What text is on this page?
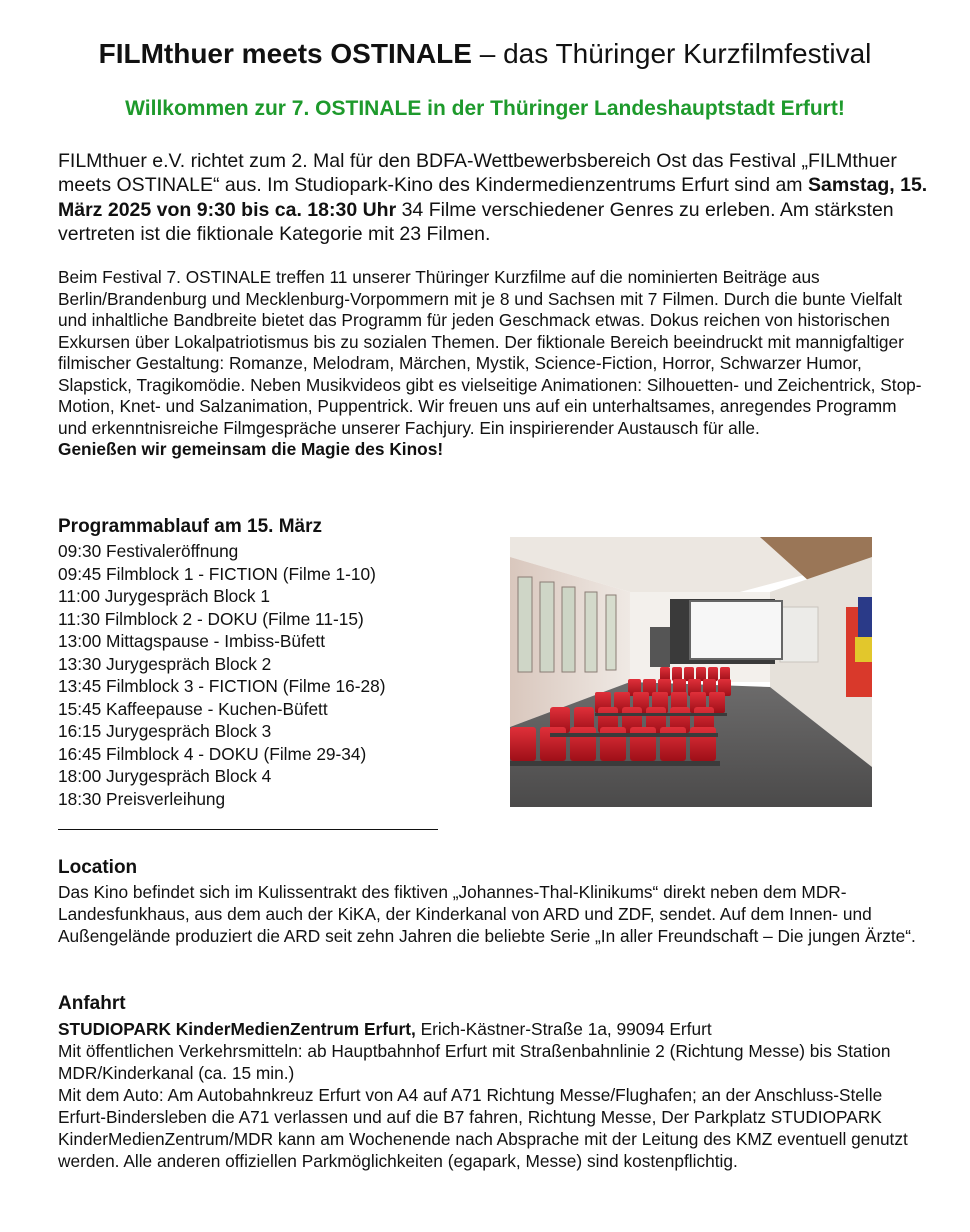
FILMthuer meets OSTINALE – das Thüringer Kurzfilmfestival
Willkommen zur 7. OSTINALE in der Thüringer Landeshauptstadt Erfurt!
FILMthuer e.V. richtet zum 2. Mal für den BDFA-Wettbewerbsbereich Ost das Festival „FILMthuer meets OSTINALE“ aus. Im Studiopark-Kino des Kindermedienzentrums Erfurt sind am Samstag, 15. März 2025 von 9:30 bis ca. 18:30 Uhr 34 Filme verschiedener Genres zu erleben. Am stärksten vertreten ist die fiktionale Kategorie mit 23 Filmen.
Beim Festival 7. OSTINALE treffen 11 unserer Thüringer Kurzfilme auf die nominierten Beiträge aus Berlin/Brandenburg und Mecklenburg-Vorpommern mit je 8 und Sachsen mit 7 Filmen. Durch die bunte Vielfalt und inhaltliche Bandbreite bietet das Programm für jeden Geschmack etwas. Dokus reichen von historischen Exkursen über Lokalpatriotismus bis zu sozialen Themen. Der fiktionale Bereich beeindruckt mit mannigfaltiger filmischer Gestaltung: Romanze, Melodram, Märchen, Mystik, Science-Fiction, Horror, Schwarzer Humor, Slapstick, Tragikomödie. Neben Musikvideos gibt es vielseitige Animationen: Silhouetten- und Zeichentrick, Stop-Motion, Knet- und Salzanimation, Puppentrick. Wir freuen uns auf ein unterhaltsames, anregendes Programm und erkenntnisreiche Filmgespräche unserer Fachjury. Ein inspirierender Austausch für alle.
Genießen wir gemeinsam die Magie des Kinos!
Programmablauf am 15. März
09:30 Festivaleröffnung
09:45 Filmblock 1 - FICTION (Filme 1-10)
11:00 Jurygespräch Block 1
11:30 Filmblock 2 - DOKU (Filme 11-15)
13:00 Mittagspause - Imbiss-Büfett
13:30 Jurygespräch Block 2
13:45 Filmblock 3 - FICTION (Filme 16-28)
15:45 Kaffeepause - Kuchen-Büfett
16:15 Jurygespräch Block 3
16:45 Filmblock 4 - DOKU (Filme 29-34)
18:00 Jurygespräch Block 4
18:30 Preisverleihung
Location
Das Kino befindet sich im Kulissentrakt des fiktiven „Johannes-Thal-Klinikums“ direkt neben dem MDR-Landesfunkhaus, aus dem auch der KiKA, der Kinderkanal von ARD und ZDF, sendet. Auf dem Innen- und Außengelände produziert die ARD seit zehn Jahren die beliebte Serie „In aller Freundschaft – Die jungen Ärzte“.
Anfahrt
STUDIOPARK KinderMedienZentrum Erfurt, Erich-Kästner-Straße 1a, 99094 Erfurt
Mit öffentlichen Verkehrsmitteln: ab Hauptbahnhof Erfurt mit Straßenbahnlinie 2 (Richtung Messe) bis Station MDR/Kinderkanal (ca. 15 min.)
Mit dem Auto: Am Autobahnkreuz Erfurt von A4 auf A71 Richtung Messe/Flughafen; an der Anschluss-Stelle Erfurt-Bindersleben die A71 verlassen und auf die B7 fahren, Richtung Messe, Der Parkplatz STUDIOPARK KinderMedienZentrum/MDR kann am Wochenende nach Absprache mit der Leitung des KMZ eventuell genutzt werden. Alle anderen offiziellen Parkmöglichkeiten (egapark, Messe) sind kostenpflichtig.
